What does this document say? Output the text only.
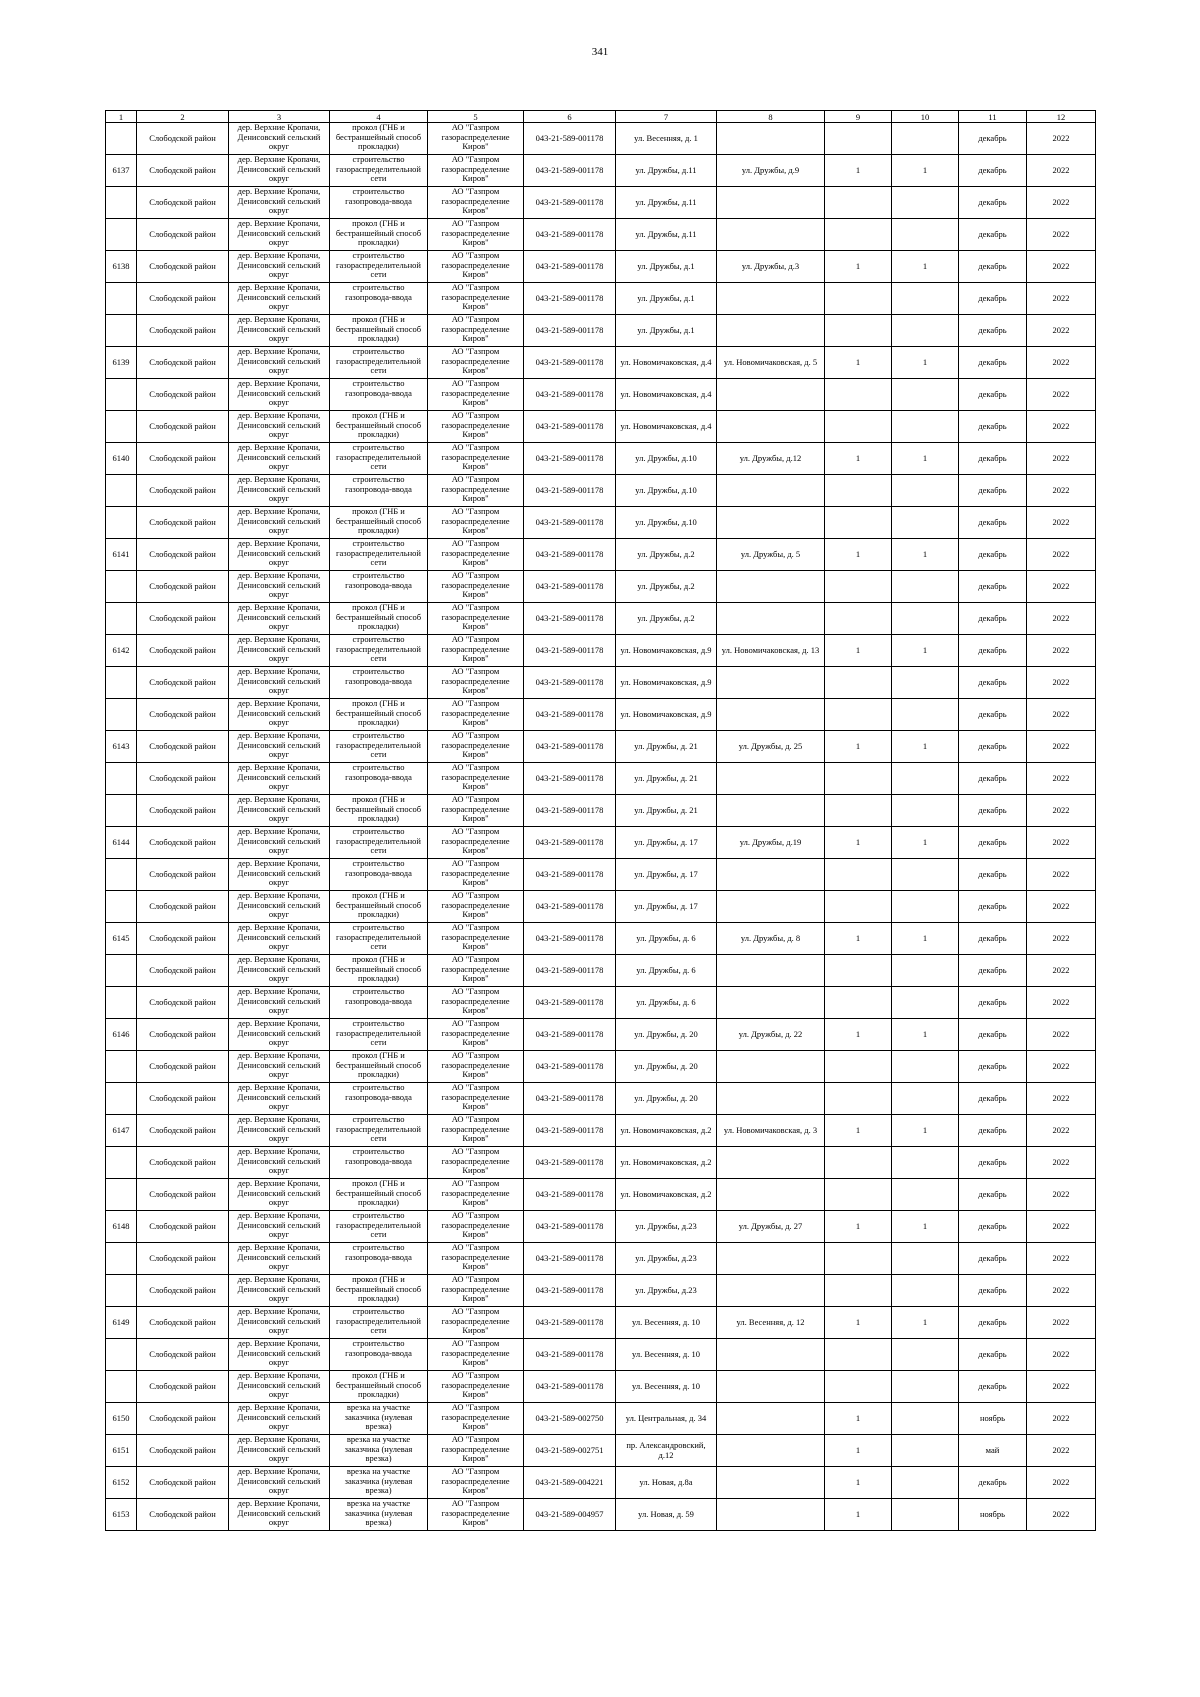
341
1	2	3	4	5	6	7	8	9	10	11	12
	Слободской район	дер. Верхние Кропачи, Денисовский сельский округ	прокол (ГНБ и бестраншейный способ прокладки)	АО "Газпром газораспределение Киров"	043-21-589-001178	ул. Весенняя, д. 1				декабрь	2022
6137	Слободской район	дер. Верхние Кропачи, Денисовский сельский округ	строительство газораспределительной сети	АО "Газпром газораспределение Киров"	043-21-589-001178	ул. Дружбы, д.11	ул. Дружбы, д.9	1	1	декабрь	2022
	Слободской район	дер. Верхние Кропачи, Денисовский сельский округ	строительство газопровода-ввода	АО "Газпром газораспределение Киров"	043-21-589-001178	ул. Дружбы, д.11				декабрь	2022
	Слободской район	дер. Верхние Кропачи, Денисовский сельский округ	прокол (ГНБ и бестраншейный способ прокладки)	АО "Газпром газораспределение Киров"	043-21-589-001178	ул. Дружбы, д.11				декабрь	2022
6138	Слободской район	дер. Верхние Кропачи, Денисовский сельский округ	строительство газораспределительной сети	АО "Газпром газораспределение Киров"	043-21-589-001178	ул. Дружбы, д.1	ул. Дружбы, д.3	1	1	декабрь	2022
	Слободской район	дер. Верхние Кропачи, Денисовский сельский округ	строительство газопровода-ввода	АО "Газпром газораспределение Киров"	043-21-589-001178	ул. Дружбы, д.1				декабрь	2022
	Слободской район	дер. Верхние Кропачи, Денисовский сельский округ	прокол (ГНБ и бестраншейный способ прокладки)	АО "Газпром газораспределение Киров"	043-21-589-001178	ул. Дружбы, д.1				декабрь	2022
6139	Слободской район	дер. Верхние Кропачи, Денисовский сельский округ	строительство газораспределительной сети	АО "Газпром газораспределение Киров"	043-21-589-001178	ул. Новомичаковская, д.4	ул. Новомичаковская, д. 5	1	1	декабрь	2022
	Слободской район	дер. Верхние Кропачи, Денисовский сельский округ	строительство газопровода-ввода	АО "Газпром газораспределение Киров"	043-21-589-001178	ул. Новомичаковская, д.4				декабрь	2022
	Слободской район	дер. Верхние Кропачи, Денисовский сельский округ	прокол (ГНБ и бестраншейный способ прокладки)	АО "Газпром газораспределение Киров"	043-21-589-001178	ул. Новомичаковская, д.4				декабрь	2022
6140	Слободской район	дер. Верхние Кропачи, Денисовский сельский округ	строительство газораспределительной сети	АО "Газпром газораспределение Киров"	043-21-589-001178	ул. Дружбы, д.10	ул. Дружбы, д.12	1	1	декабрь	2022
	Слободской район	дер. Верхние Кропачи, Денисовский сельский округ	строительство газопровода-ввода	АО "Газпром газораспределение Киров"	043-21-589-001178	ул. Дружбы, д.10				декабрь	2022
	Слободской район	дер. Верхние Кропачи, Денисовский сельский округ	прокол (ГНБ и бестраншейный способ прокладки)	АО "Газпром газораспределение Киров"	043-21-589-001178	ул. Дружбы, д.10				декабрь	2022
6141	Слободской район	дер. Верхние Кропачи, Денисовский сельский округ	строительство газораспределительной сети	АО "Газпром газораспределение Киров"	043-21-589-001178	ул. Дружбы, д.2	ул. Дружбы, д. 5	1	1	декабрь	2022
	Слободской район	дер. Верхние Кропачи, Денисовский сельский округ	строительство газопровода-ввода	АО "Газпром газораспределение Киров"	043-21-589-001178	ул. Дружбы, д.2				декабрь	2022
	Слободской район	дер. Верхние Кропачи, Денисовский сельский округ	прокол (ГНБ и бестраншейный способ прокладки)	АО "Газпром газораспределение Киров"	043-21-589-001178	ул. Дружбы, д.2				декабрь	2022
6142	Слободской район	дер. Верхние Кропачи, Денисовский сельский округ	строительство газораспределительной сети	АО "Газпром газораспределение Киров"	043-21-589-001178	ул. Новомичаковская, д.9	ул. Новомичаковская, д. 13	1	1	декабрь	2022
	Слободской район	дер. Верхние Кропачи, Денисовский сельский округ	строительство газопровода-ввода	АО "Газпром газораспределение Киров"	043-21-589-001178	ул. Новомичаковская, д.9				декабрь	2022
	Слободской район	дер. Верхние Кропачи, Денисовский сельский округ	прокол (ГНБ и бестраншейный способ прокладки)	АО "Газпром газораспределение Киров"	043-21-589-001178	ул. Новомичаковская, д.9				декабрь	2022
6143	Слободской район	дер. Верхние Кропачи, Денисовский сельский округ	строительство газораспределительной сети	АО "Газпром газораспределение Киров"	043-21-589-001178	ул. Дружбы, д. 21	ул. Дружбы, д. 25	1	1	декабрь	2022
	Слободской район	дер. Верхние Кропачи, Денисовский сельский округ	строительство газопровода-ввода	АО "Газпром газораспределение Киров"	043-21-589-001178	ул. Дружбы, д. 21				декабрь	2022
	Слободской район	дер. Верхние Кропачи, Денисовский сельский округ	прокол (ГНБ и бестраншейный способ прокладки)	АО "Газпром газораспределение Киров"	043-21-589-001178	ул. Дружбы, д. 21				декабрь	2022
6144	Слободской район	дер. Верхние Кропачи, Денисовский сельский округ	строительство газораспределительной сети	АО "Газпром газораспределение Киров"	043-21-589-001178	ул. Дружбы, д. 17	ул. Дружбы, д.19	1	1	декабрь	2022
	Слободской район	дер. Верхние Кропачи, Денисовский сельский округ	строительство газопровода-ввода	АО "Газпром газораспределение Киров"	043-21-589-001178	ул. Дружбы, д. 17				декабрь	2022
	Слободской район	дер. Верхние Кропачи, Денисовский сельский округ	прокол (ГНБ и бестраншейный способ прокладки)	АО "Газпром газораспределение Киров"	043-21-589-001178	ул. Дружбы, д. 17				декабрь	2022
6145	Слободской район	дер. Верхние Кропачи, Денисовский сельский округ	строительство газораспределительной сети	АО "Газпром газораспределение Киров"	043-21-589-001178	ул. Дружбы, д. 6	ул. Дружбы, д. 8	1	1	декабрь	2022
	Слободской район	дер. Верхние Кропачи, Денисовский сельский округ	прокол (ГНБ и бестраншейный способ прокладки)	АО "Газпром газораспределение Киров"	043-21-589-001178	ул. Дружбы, д. 6				декабрь	2022
	Слободской район	дер. Верхние Кропачи, Денисовский сельский округ	строительство газопровода-ввода	АО "Газпром газораспределение Киров"	043-21-589-001178	ул. Дружбы, д. 6				декабрь	2022
6146	Слободской район	дер. Верхние Кропачи, Денисовский сельский округ	строительство газораспределительной сети	АО "Газпром газораспределение Киров"	043-21-589-001178	ул. Дружбы, д. 20	ул. Дружбы, д. 22	1	1	декабрь	2022
	Слободской район	дер. Верхние Кропачи, Денисовский сельский округ	прокол (ГНБ и бестраншейный способ прокладки)	АО "Газпром газораспределение Киров"	043-21-589-001178	ул. Дружбы, д. 20				декабрь	2022
	Слободской район	дер. Верхние Кропачи, Денисовский сельский округ	строительство газопровода-ввода	АО "Газпром газораспределение Киров"	043-21-589-001178	ул. Дружбы, д. 20				декабрь	2022
6147	Слободской район	дер. Верхние Кропачи, Денисовский сельский округ	строительство газораспределительной сети	АО "Газпром газораспределение Киров"	043-21-589-001178	ул. Новомичаковская, д.2	ул. Новомичаковская, д. 3	1	1	декабрь	2022
	Слободской район	дер. Верхние Кропачи, Денисовский сельский округ	строительство газопровода-ввода	АО "Газпром газораспределение Киров"	043-21-589-001178	ул. Новомичаковская, д.2				декабрь	2022
	Слободской район	дер. Верхние Кропачи, Денисовский сельский округ	прокол (ГНБ и бестраншейный способ прокладки)	АО "Газпром газораспределение Киров"	043-21-589-001178	ул. Новомичаковская, д.2				декабрь	2022
6148	Слободской район	дер. Верхние Кропачи, Денисовский сельский округ	строительство газораспределительной сети	АО "Газпром газораспределение Киров"	043-21-589-001178	ул. Дружбы, д.23	ул. Дружбы, д. 27	1	1	декабрь	2022
	Слободской район	дер. Верхние Кропачи, Денисовский сельский округ	строительство газопровода-ввода	АО "Газпром газораспределение Киров"	043-21-589-001178	ул. Дружбы, д.23				декабрь	2022
	Слободской район	дер. Верхние Кропачи, Денисовский сельский округ	прокол (ГНБ и бестраншейный способ прокладки)	АО "Газпром газораспределение Киров"	043-21-589-001178	ул. Дружбы, д.23				декабрь	2022
6149	Слободской район	дер. Верхние Кропачи, Денисовский сельский округ	строительство газораспределительной сети	АО "Газпром газораспределение Киров"	043-21-589-001178	ул. Весенняя, д. 10	ул. Весенняя, д. 12	1	1	декабрь	2022
	Слободской район	дер. Верхние Кропачи, Денисовский сельский округ	строительство газопровода-ввода	АО "Газпром газораспределение Киров"	043-21-589-001178	ул. Весенняя, д. 10				декабрь	2022
	Слободской район	дер. Верхние Кропачи, Денисовский сельский округ	прокол (ГНБ и бестраншейный способ прокладки)	АО "Газпром газораспределение Киров"	043-21-589-001178	ул. Весенняя, д. 10				декабрь	2022
6150	Слободской район	дер. Верхние Кропачи, Денисовский сельский округ	врезка на участке заказчика (нулевая врезка)	АО "Газпром газораспределение Киров"	043-21-589-002750	ул. Центральная, д. 34		1		ноябрь	2022
6151	Слободской район	дер. Верхние Кропачи, Денисовский сельский округ	врезка на участке заказчика (нулевая врезка)	АО "Газпром газораспределение Киров"	043-21-589-002751	пр. Александровский, д.12		1		май	2022
6152	Слободской район	дер. Верхние Кропачи, Денисовский сельский округ	врезка на участке заказчика (нулевая врезка)	АО "Газпром газораспределение Киров"	043-21-589-004221	ул. Новая, д.8а		1		декабрь	2022
6153	Слободской район	дер. Верхние Кропачи, Денисовский сельский округ	врезка на участке заказчика (нулевая врезка)	АО "Газпром газораспределение Киров"	043-21-589-004957	ул. Новая, д. 59		1		ноябрь	2022
